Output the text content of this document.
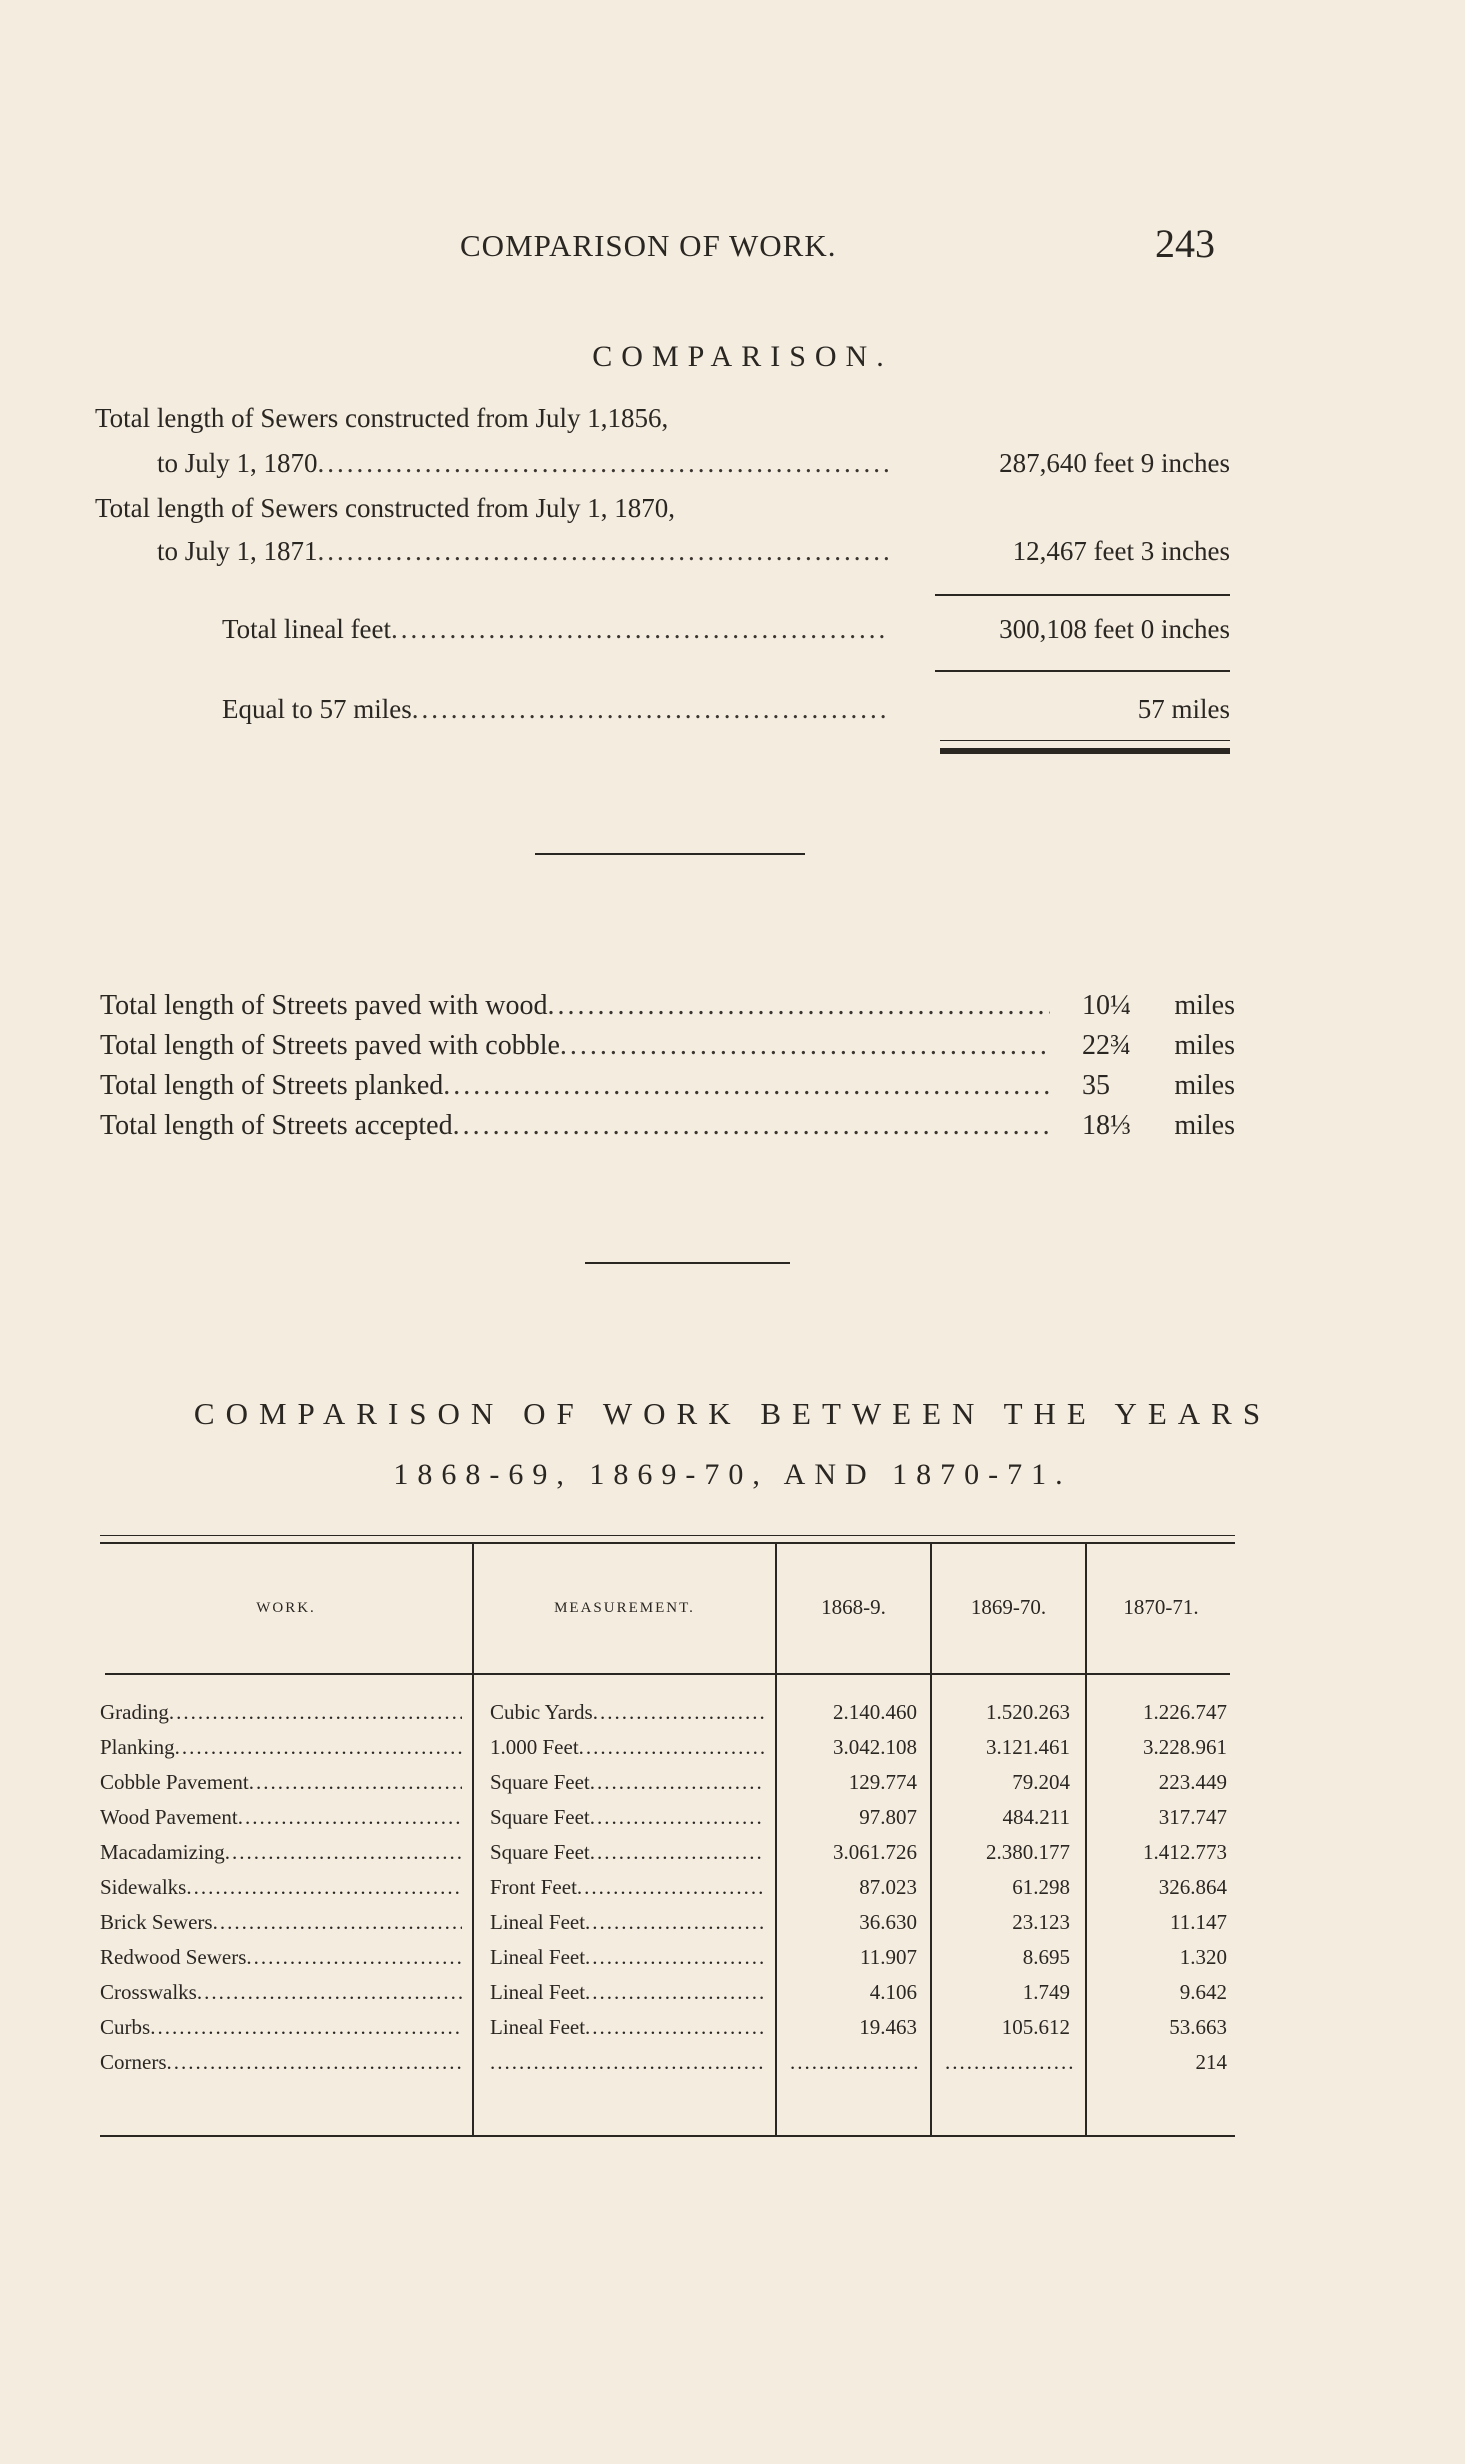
COMPARISON OF WORK.	243
COMPARISON.
Total length of Sewers constructed from July 1,1856,
to July 1, 1870 .....	287,640 feet 9 inches
Total length of Sewers constructed from July 1, 1870,
to July 1, 1871 .....	12,467 feet 3 inches
Total lineal feet .....	300,108 feet 0 inches
Equal to 57 miles .....	57 miles
Total length of Streets paved with wood .....	10¼ miles
Total length of Streets paved with cobble .....	22¾ miles
Total length of Streets planked .....	35 miles
Total length of Streets accepted .....	18⅓ miles
COMPARISON OF WORK BETWEEN THE YEARS
1868-69, 1869-70, AND 1870-71.
WORK.	MEASUREMENT.	1868-9.	1869-70.	1870-71.
Grading .....	Cubic Yards .....	2.140.460	1.520.263	1.226.747
Planking .....	1.000 Feet .....	3.042.108	3.121.461	3.228.961
Cobble Pavement .....	Square Feet .....	129.774	79.204	223.449
Wood Pavement .....	Square Feet .....	97.807	484.211	317.747
Macadamizing .....	Square Feet .....	3.061.726	2.380.177	1.412.773
Sidewalks .....	Front Feet .....	87.023	61.298	326.864
Brick Sewers .....	Lineal Feet .....	36.630	23.123	11.147
Redwood Sewers .....	Lineal Feet .....	11.907	8.695	1.320
Crosswalks .....	Lineal Feet .....	4.106	1.749	9.642
Curbs .....	Lineal Feet .....	19.463	105.612	53.663
Corners ..... ..... ..... .....	214
